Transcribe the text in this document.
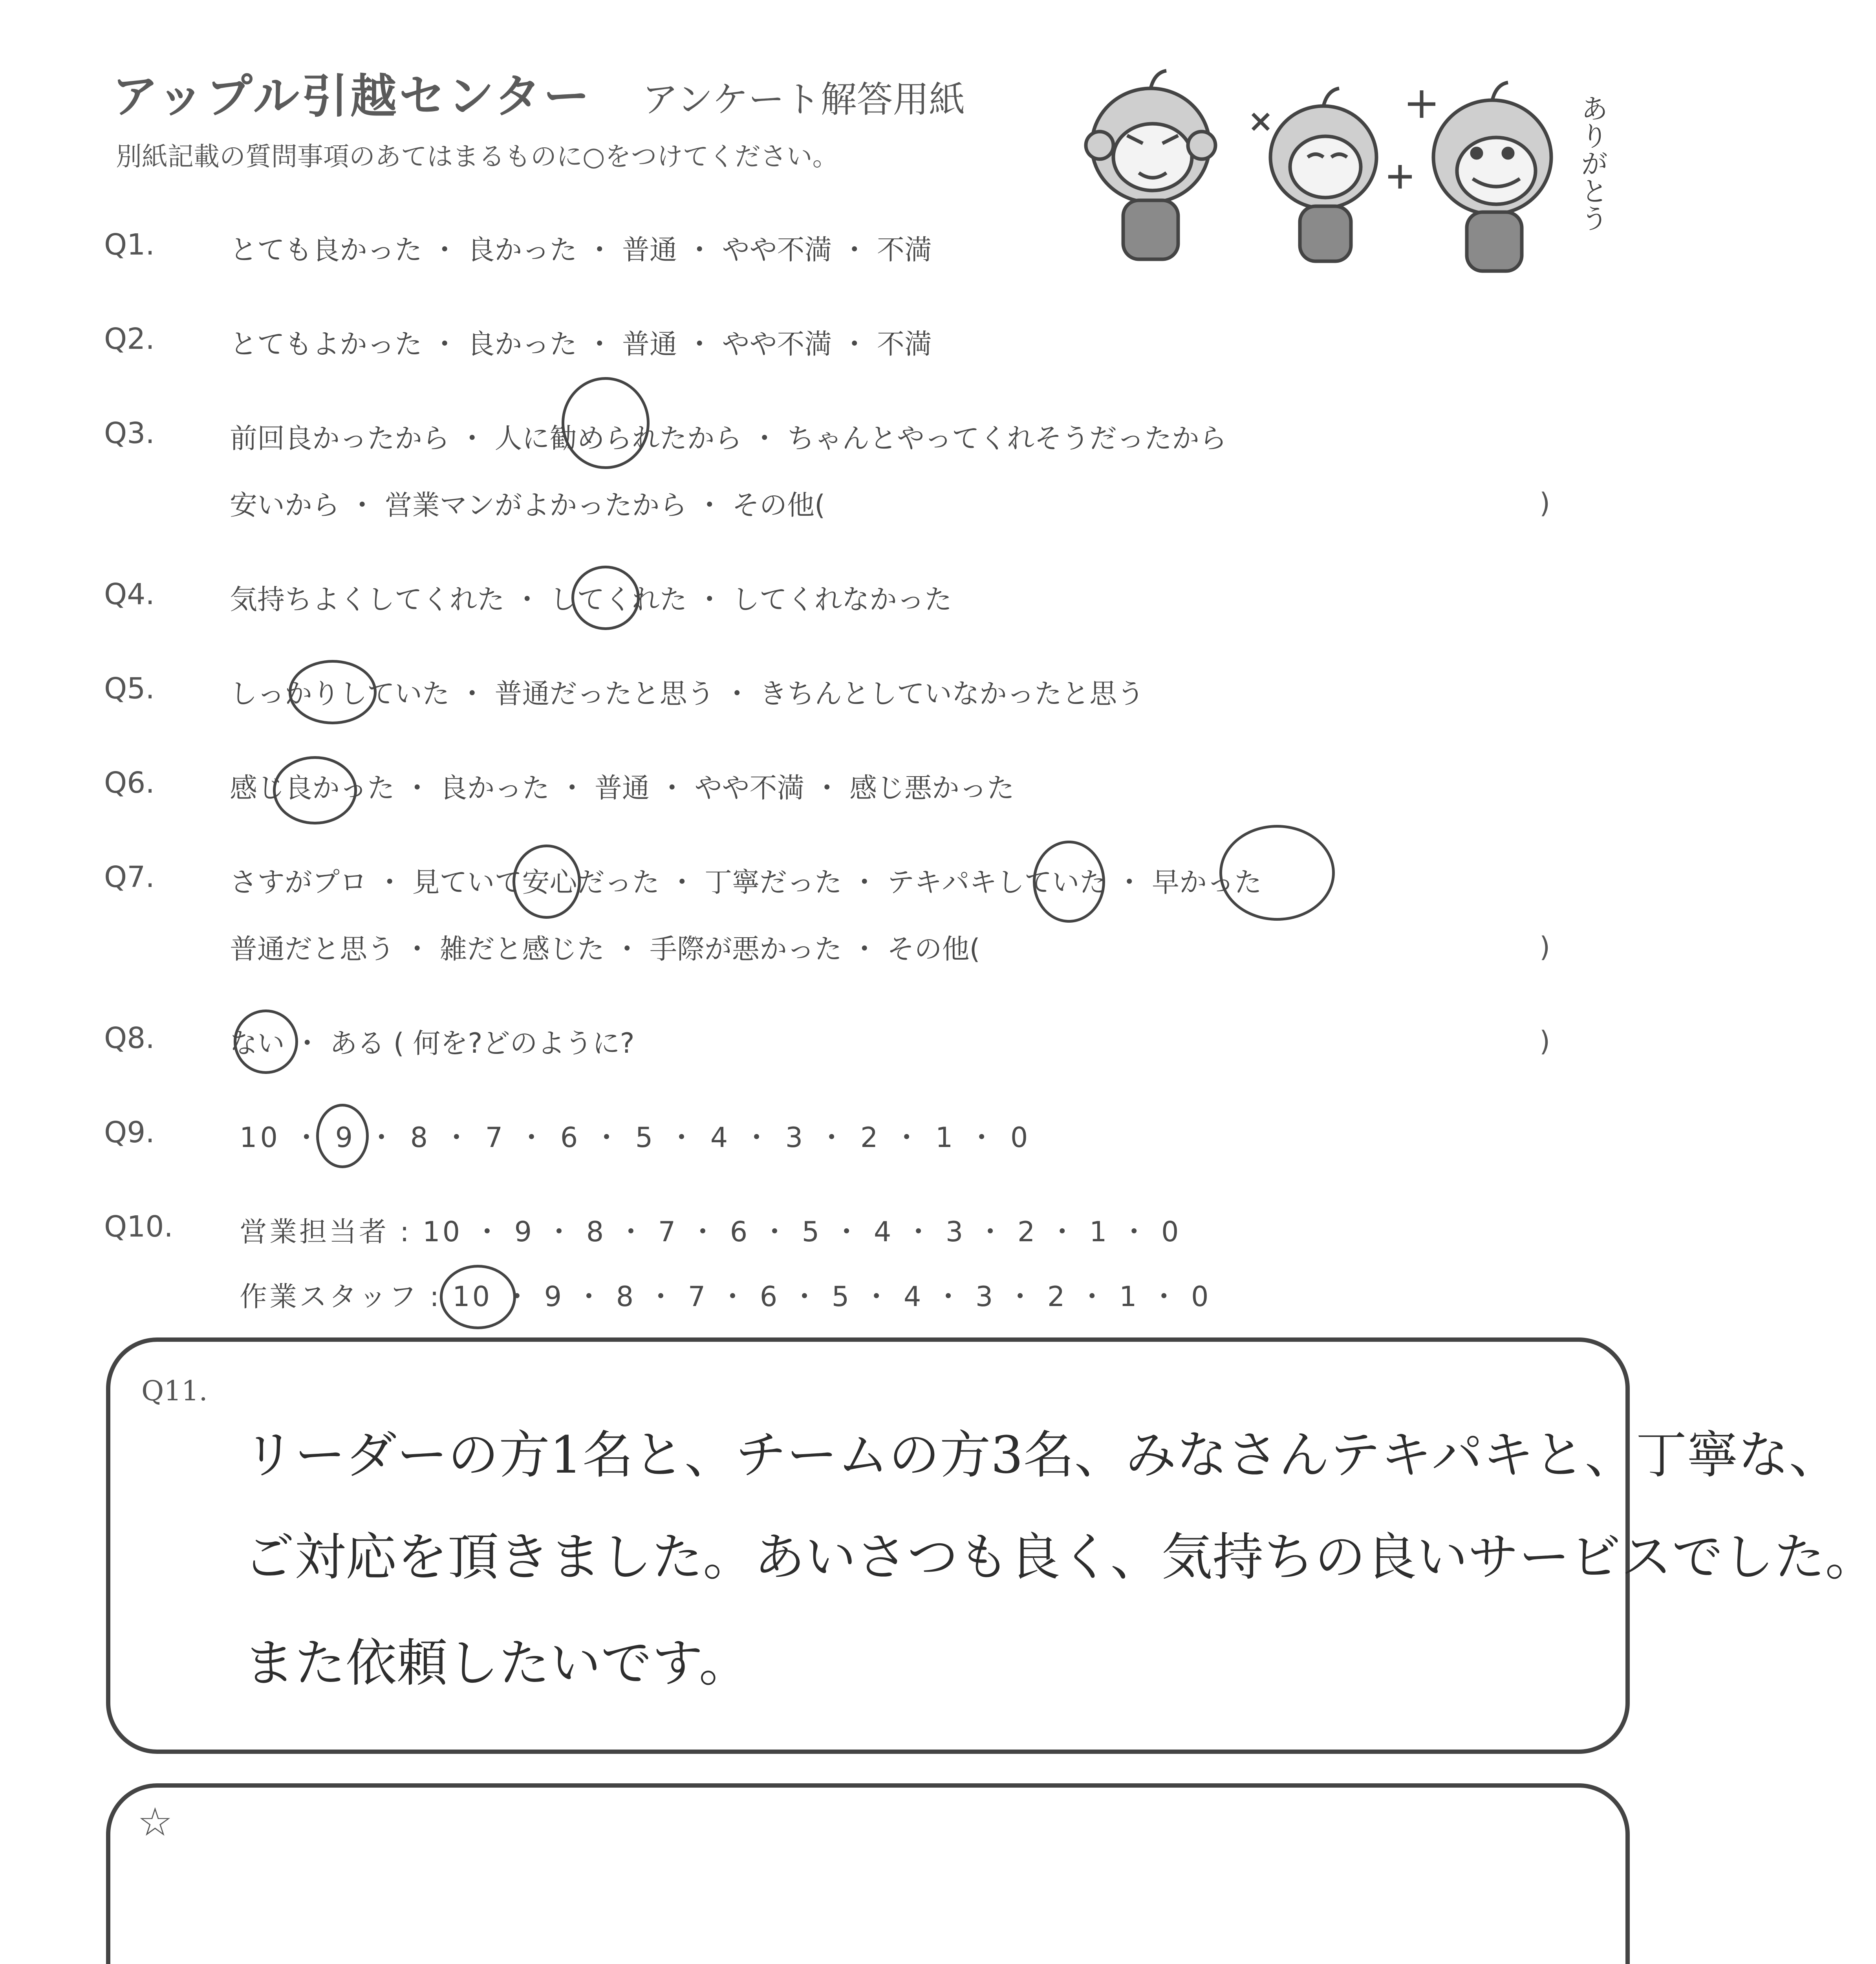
アップル引越センター アンケート解答用紙
別紙記載の質問事項のあてはまるものに○をつけてください。	ありがとう
Q1.	とても良かった ・ 良かった ・ 普通 ・ やや不満 ・ 不満
Q2.	とてもよかった ・ 良かった ・ 普通 ・ やや不満 ・ 不満
Q3.	前回良かったから ・ 人に勧められたから ・ ちゃんとやってくれそうだったから
安いから ・ 営業マンがよかったから ・ その他(	)
Q4.	気持ちよくしてくれた ・ してくれた ・ してくれなかった
Q5.	しっかりしていた ・ 普通だったと思う ・ きちんとしていなかったと思う
Q6.	感じ良かった ・ 良かった ・ 普通 ・ やや不満 ・ 感じ悪かった
Q7.	さすがプロ ・ 見ていて安心だった ・ 丁寧だった ・ テキパキしていた ・ 早かった
普通だと思う ・ 雑だと感じた ・ 手際が悪かった ・ その他(	)
Q8.	ない ・ ある ( 何を?どのように?	)
Q9.	10 ・ 9 ・ 8 ・ 7 ・ 6 ・ 5 ・ 4 ・ 3 ・ 2 ・ 1 ・ 0
Q10. 営業担当者 : 10 ・ 9 ・ 8 ・ 7 ・ 6 ・ 5 ・ 4 ・ 3 ・ 2 ・ 1 ・ 0
作業スタッフ : 10 ・ 9 ・ 8 ・ 7 ・ 6 ・ 5 ・ 4 ・ 3 ・ 2 ・ 1 ・ 0
Q11.
リーダーの方1名と、チームの方3名、みなさんテキパキと、丁寧な、
ご対応を頂きました。あいさつも良く、気持ちの良いサービスでした。
また依頼したいです。
☆
